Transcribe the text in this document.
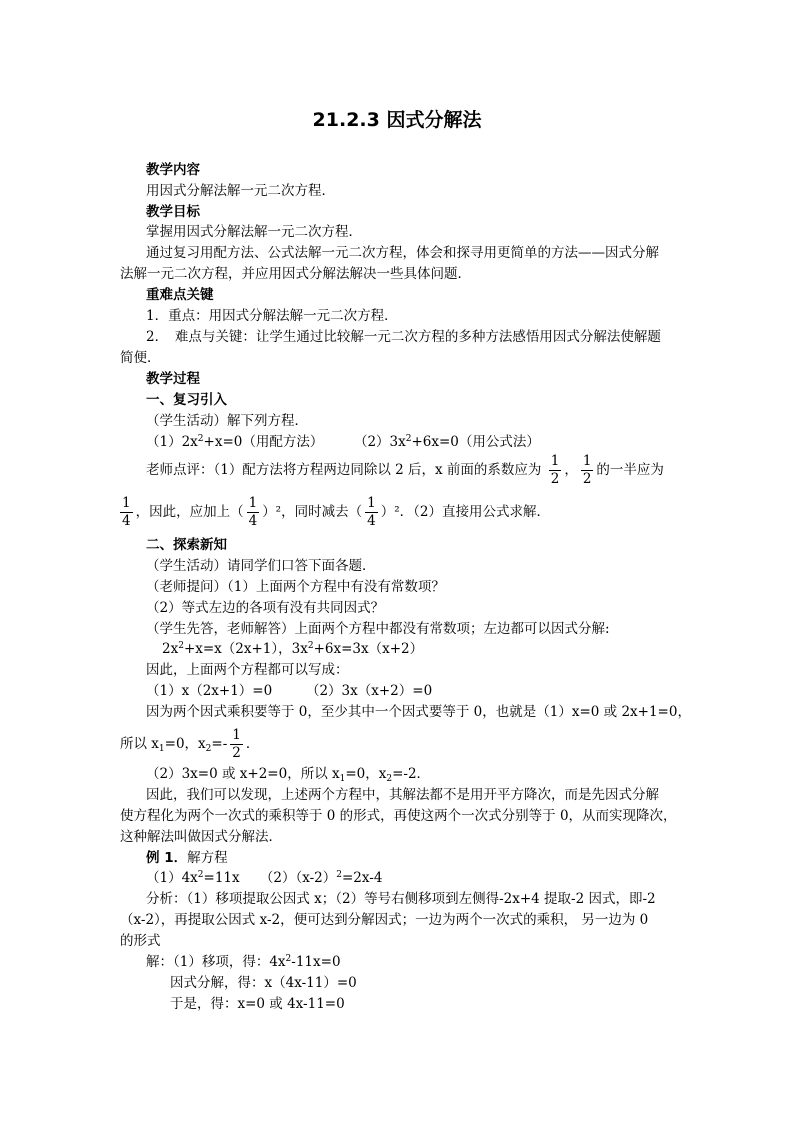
21.2.3 因式分解法
教学内容
用因式分解法解一元二次方程．
教学目标
掌握用因式分解法解一元二次方程．
通过复习用配方法、公式法解一元二次方程，体会和探寻用更简单的方法——因式分解
法解一元二次方程，并应用因式分解法解决一些具体问题．
重难点关键
1．重点：用因式分解法解一元二次方程．
2．　难点与关键：让学生通过比较解一元二次方程的多种方法感悟用因式分解法使解题
简便．
教学过程
一、复习引入
（学生活动）解下列方程．
$(1)2x^2+x=0$（用配方法） $(2)3x^2+6x=0$（用公式法）
老师点评：（1）配方法将方程两边同除以 2 后，x 前面的系数应为 $\frac{1}{2}$ ， $\frac{1}{2}$ 的一半应为
$\frac{1}{4}$ ，因此，应加上（ $\frac{1}{4} )^2$，同时减去（ $\frac{1}{4} )^2$．（2）直接用公式求解．
二、探索新知
（学生活动）请同学们口答下面各题．
（老师提问）（1）上面两个方程中有没有常数项？
（2）等式左边的各项有没有共同因式？
（学生先答，老师解答）上面两个方程中都没有常数项；左边都可以因式分解:
$2x^2+x=x(2x+1)$，$3x^2+6x=3x(x+2)$
因此，上面两个方程都可以写成：
（1）x（2x+1）=0　　　（2）3x（x+2）=0
因为两个因式乘积要等于 0，至少其中一个因式要等于 0，也就是（1）x=0 或 2x+1=0，
所以 $x_1=0$，$x_2=- \frac{1}{2}$ ．
（2）3x=0 或 x+2=0，所以 $x_1=0$，$x_2=-2$．
因此，我们可以发现，上述两个方程中，其解法都不是用开平方降次，而是先因式分解
使方程化为两个一次式的乘积等于 0 的形式，再使这两个一次式分别等于 0，从而实现降次，
这种解法叫做因式分解法．
例 1．解方程
$(1)4x^2=11x$　　$(2)(x-2)^2=2x-4$
分析：（1）移项提取公因式 x；（2）等号右侧移项到左侧得-2x+4 提取-2 因式，即-2
（x-2），再提取公因式 x-2，便可达到分解因式；一边为两个一次式的乘积， 另一边为 0
的形式
解：（1）移项，得：$4x^2-11x=0$
因式分解，得：x（4x-11）=0
于是，得：x=0 或 4x-11=0
